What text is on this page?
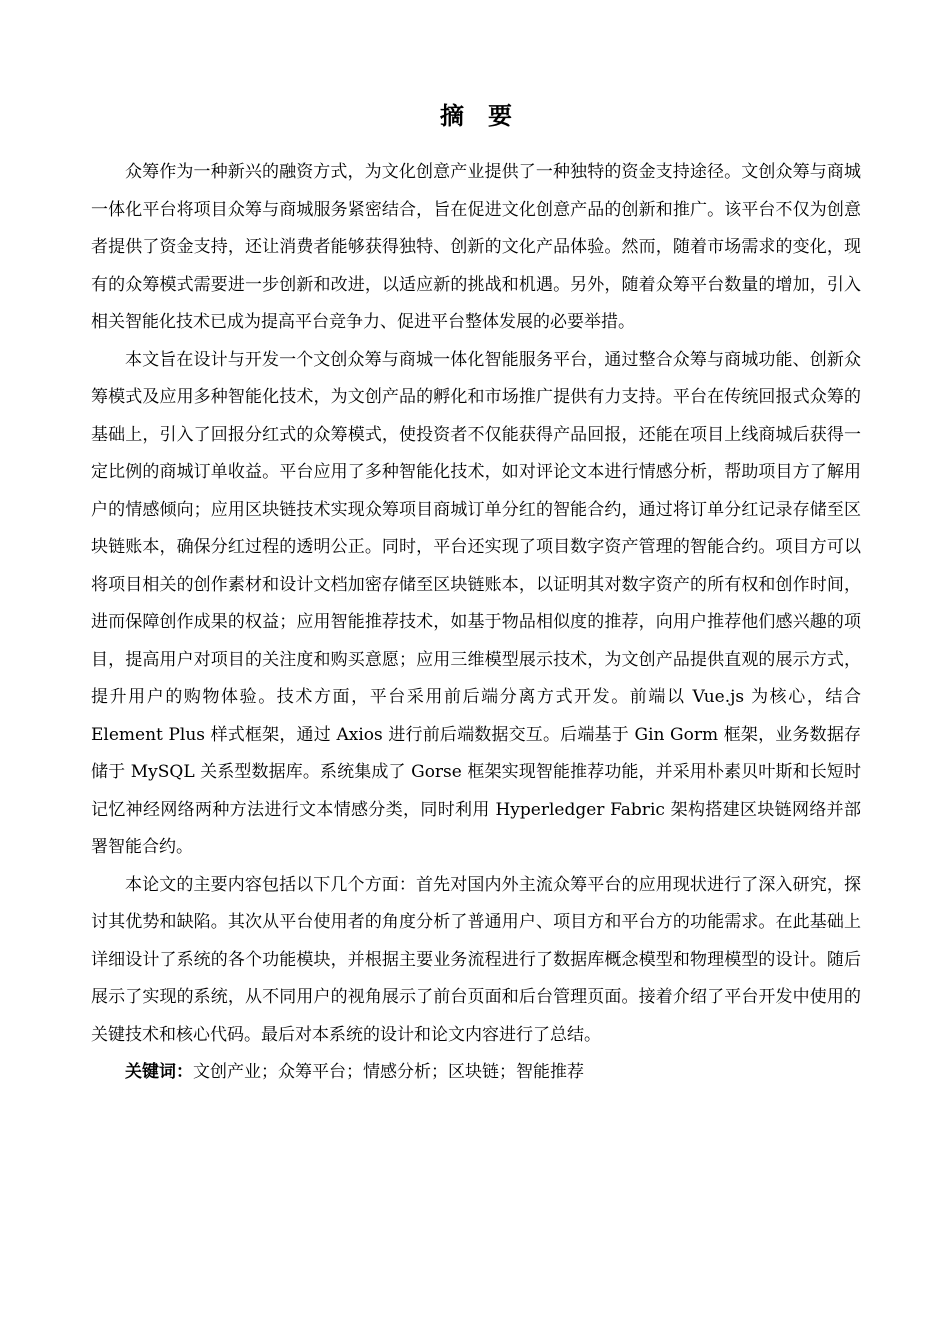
摘要

众筹作为一种新兴的融资方式，为文化创意产业提供了一种独特的资金支持途径。文创众筹与商城一体化平台将项目众筹与商城服务紧密结合，旨在促进文化创意产品的创新和推广。该平台不仅为创意者提供了资金支持，还让消费者能够获得独特、创新的文化产品体验。然而，随着市场需求的变化，现有的众筹模式需要进一步创新和改进，以适应新的挑战和机遇。另外，随着众筹平台数量的增加，引入相关智能化技术已成为提高平台竞争力、促进平台整体发展的必要举措。

本文旨在设计与开发一个文创众筹与商城一体化智能服务平台，通过整合众筹与商城功能、创新众筹模式及应用多种智能化技术，为文创产品的孵化和市场推广提供有力支持。平台在传统回报式众筹的基础上，引入了回报分红式的众筹模式，使投资者不仅能获得产品回报，还能在项目上线商城后获得一定比例的商城订单收益。平台应用了多种智能化技术，如对评论文本进行情感分析，帮助项目方了解用户的情感倾向；应用区块链技术实现众筹项目商城订单分红的智能合约，通过将订单分红记录存储至区块链账本，确保分红过程的透明公正。同时，平台还实现了项目数字资产管理的智能合约。项目方可以将项目相关的创作素材和设计文档加密存储至区块链账本，以证明其对数字资产的所有权和创作时间，进而保障创作成果的权益；应用智能推荐技术，如基于物品相似度的推荐，向用户推荐他们感兴趣的项目，提高用户对项目的关注度和购买意愿；应用三维模型展示技术，为文创产品提供直观的展示方式，提升用户的购物体验。技术方面，平台采用前后端分离方式开发。前端以 Vue.js 为核心，结合 Element Plus 样式框架，通过 Axios 进行前后端数据交互。后端基于 Gin Gorm 框架，业务数据存储于 MySQL 关系型数据库。系统集成了 Gorse 框架实现智能推荐功能，并采用朴素贝叶斯和长短时记忆神经网络两种方法进行文本情感分类，同时利用 Hyperledger Fabric 架构搭建区块链网络并部署智能合约。

本论文的主要内容包括以下几个方面：首先对国内外主流众筹平台的应用现状进行了深入研究，探讨其优势和缺陷。其次从平台使用者的角度分析了普通用户、项目方和平台方的功能需求。在此基础上详细设计了系统的各个功能模块，并根据主要业务流程进行了数据库概念模型和物理模型的设计。随后展示了实现的系统，从不同用户的视角展示了前台页面和后台管理页面。接着介绍了平台开发中使用的关键技术和核心代码。最后对本系统的设计和论文内容进行了总结。

关键词：文创产业；众筹平台；情感分析；区块链；智能推荐
